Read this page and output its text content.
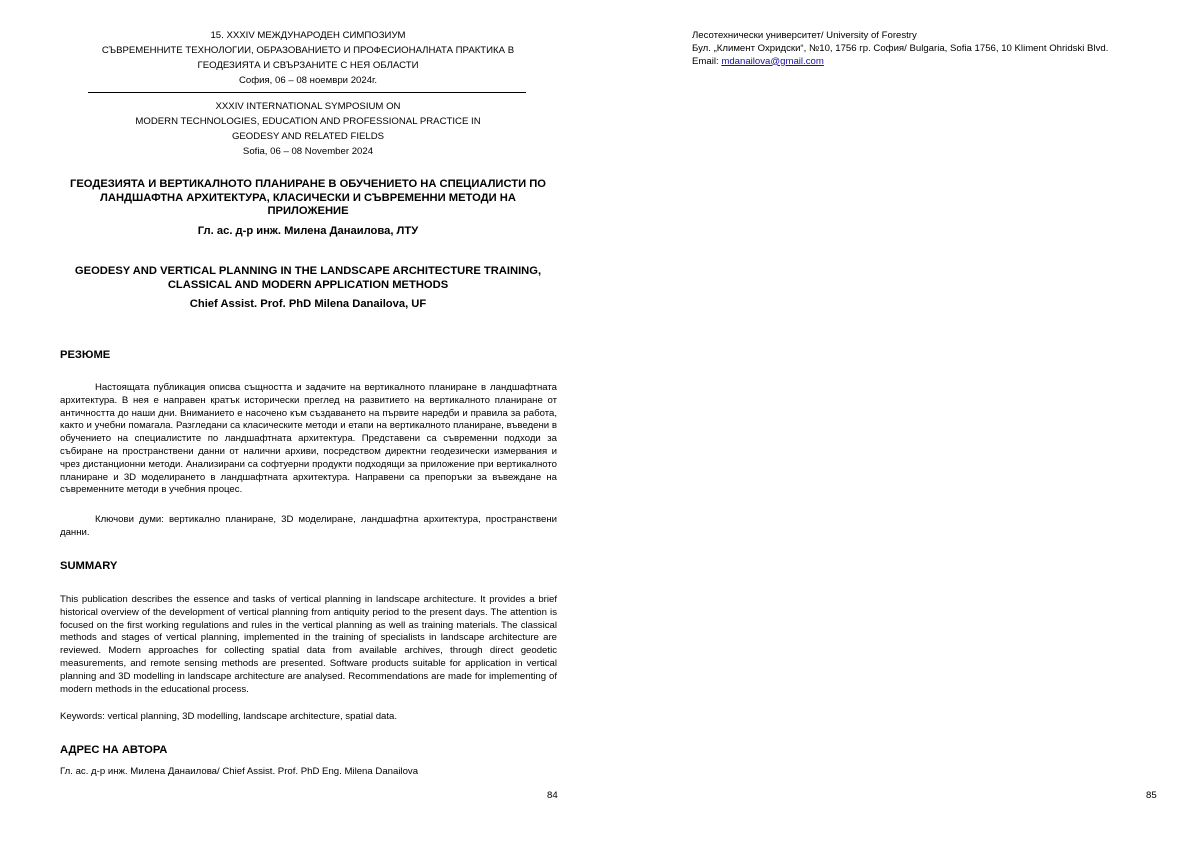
15. XXXIV МЕЖДУНАРОДЕН СИМПОЗИУМ
СЪВРЕМЕННИТЕ ТЕХНОЛОГИИ, ОБРАЗОВАНИЕТО И ПРОФЕСИОНАЛНАТА ПРАКТИКА В
ГЕОДЕЗИЯТА И СВЪРЗАНИТЕ С НЕЯ ОБЛАСТИ
София, 06 – 08 ноември 2024г.
XXXIV INTERNATIONAL SYMPOSIUM ON
MODERN TECHNOLOGIES, EDUCATION AND PROFESSIONAL PRACTICE IN
GEODESY AND RELATED FIELDS
Sofia, 06 – 08 November 2024
ГЕОДЕЗИЯТА И ВЕРТИКАЛНОТО ПЛАНИРАНЕ В ОБУЧЕНИЕТО НА СПЕЦИАЛИСТИ ПО ЛАНДШАФТНА АРХИТЕКТУРА, КЛАСИЧЕСКИ И СЪВРЕМЕННИ МЕТОДИ НА ПРИЛОЖЕНИЕ
Гл. ас. д-р инж. Милена Данаилова, ЛТУ
GEODESY AND VERTICAL PLANNING IN THE LANDSCAPE ARCHITECTURE TRAINING, CLASSICAL AND MODERN APPLICATION METHODS
Chief Assist. Prof. PhD Milena Danailova, UF
РЕЗЮМЕ
Настоящата публикация описва същността и задачите на вертикалното планиране в ландшафтната архитектура. В нея е направен кратък исторически преглед на развитието на вертикалното планиране от античността до наши дни. Вниманието е насочено към създаването на първите наредби и правила за работа, както и учебни помагала. Разгледани са класическите методи и етапи на вертикалното планиране, въведени в обучението на специалистите по ландшафтната архитектура. Представени са съвременни подходи за събиране на пространствени данни от налични архиви, посредством директни геодезически измервания и чрез дистанционни методи. Анализирани са софтуерни продукти подходящи за приложение при вертикалното планиране и 3D моделирането в ландшафтната архитектура. Направени са препоръки за въвеждане на съвременните методи в учебния процес.
Ключови думи: вертикално планиране, 3D моделиране, ландшафтна архитектура, пространствени данни.
SUMMARY
This publication describes the essence and tasks of vertical planning in landscape architecture. It provides a brief historical overview of the development of vertical planning from antiquity period to the present days. The attention is focused on the first working regulations and rules in the vertical planning as well as training materials. The classical methods and stages of vertical planning, implemented in the training of specialists in landscape architecture are reviewed. Modern approaches for collecting spatial data from available archives, through direct geodetic measurements, and remote sensing methods are presented. Software products suitable for application in vertical planning and 3D modelling in landscape architecture are analysed. Recommendations are made for implementing of modern methods in the educational process.
Keywords: vertical planning, 3D modelling, landscape architecture, spatial data.
АДРЕС НА АВТОРА
Гл. ас. д-р инж. Милена Данаилова/ Chief Assist. Prof. PhD Eng. Milena Danailova
84
Лесотехнически университет/ University of Forestry
Бул. „Климент Охридски“, №10, 1756 гр. София/ Bulgaria, Sofia 1756, 10 Kliment Ohridski Blvd.
Email: mdanailova@gmail.com
85
